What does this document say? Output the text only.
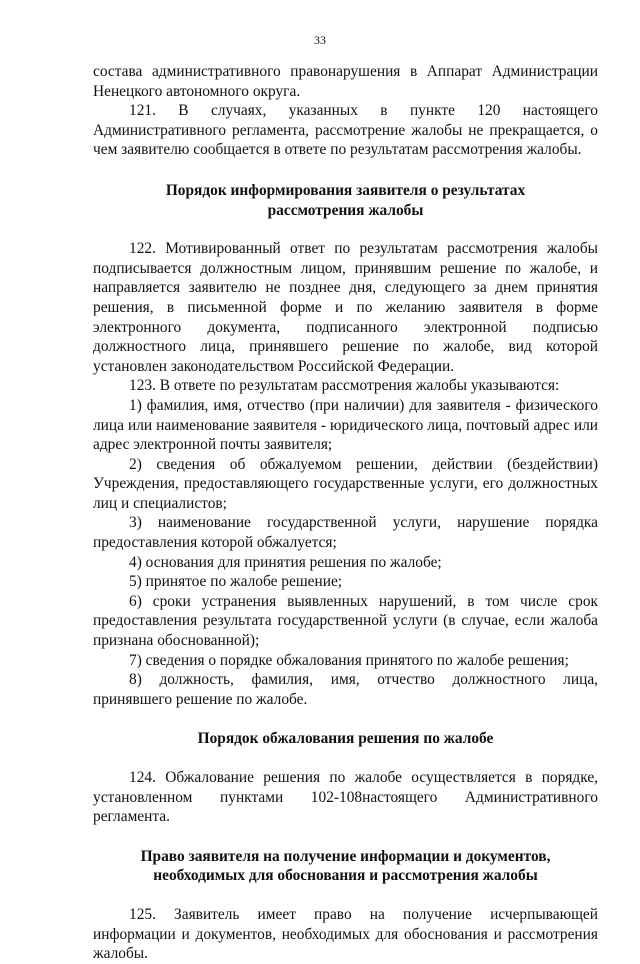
33

состава административного правонарушения в Аппарат Администрации Ненецкого автономного округа.

121. В случаях, указанных в пункте 120 настоящего Административного регламента, рассмотрение жалобы не прекращается, о чем заявителю сообщается в ответе по результатам рассмотрения жалобы.

Порядок информирования заявителя о результатах
рассмотрения жалобы

122. Мотивированный ответ по результатам рассмотрения жалобы подписывается должностным лицом, принявшим решение по жалобе, и направляется заявителю не позднее дня, следующего за днем принятия решения, в письменной форме и по желанию заявителя в форме электронного документа, подписанного электронной подписью должностного лица, принявшего решение по жалобе, вид которой установлен законодательством Российской Федерации.

123. В ответе по результатам рассмотрения жалобы указываются:

1) фамилия, имя, отчество (при наличии) для заявителя - физического лица или наименование заявителя - юридического лица, почтовый адрес или адрес электронной почты заявителя;

2) сведения об обжалуемом решении, действии (бездействии) Учреждения, предоставляющего государственные услуги, его должностных лиц и специалистов;

3) наименование государственной услуги, нарушение порядка предоставления которой обжалуется;

4) основания для принятия решения по жалобе;

5) принятое по жалобе решение;

6) сроки устранения выявленных нарушений, в том числе срок предоставления результата государственной услуги (в случае, если жалоба признана обоснованной);

7) сведения о порядке обжалования принятого по жалобе решения;

8) должность, фамилия, имя, отчество должностного лица, принявшего решение по жалобе.

Порядок обжалования решения по жалобе

124. Обжалование решения по жалобе осуществляется в порядке, установленном пунктами 102-108настоящего Административного регламента.

Право заявителя на получение информации и документов,
необходимых для обоснования и рассмотрения жалобы

125. Заявитель имеет право на получение исчерпывающей информации и документов, необходимых для обоснования и рассмотрения жалобы.
